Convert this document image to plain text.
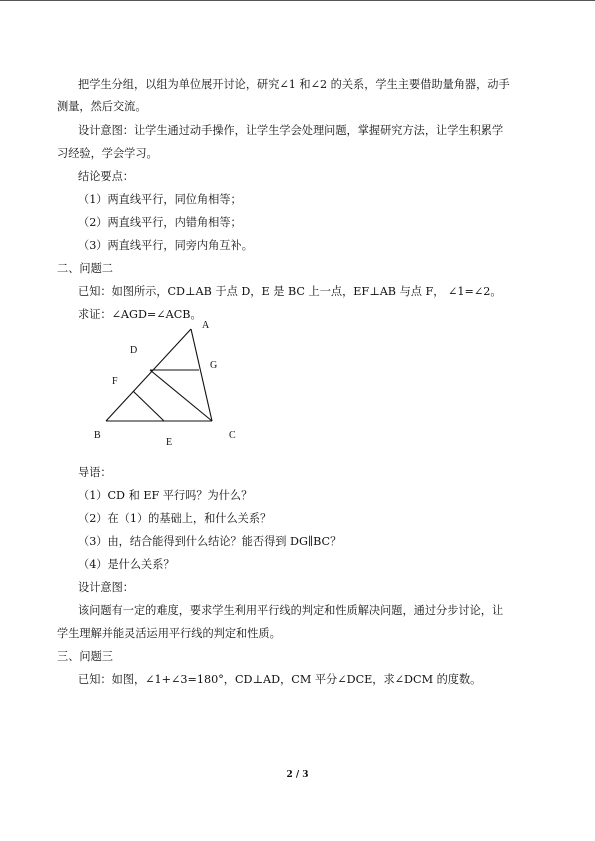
把学生分组，以组为单位展开讨论，研究∠1 和∠2 的关系，学生主要借助量角器，动手
测量，然后交流。
设计意图：让学生通过动手操作，让学生学会处理问题，掌握研究方法，让学生积累学
习经验，学会学习。
结论要点：
（1）两直线平行，同位角相等；
（2）两直线平行，内错角相等；
（3）两直线平行，同旁内角互补。
二、问题二
已知：如图所示，CD⊥AB 于点 D，E 是 BC 上一点，EF⊥AB 与点 F， ∠1=∠2。
求证：∠AGD=∠ACB。
导语：
（1）CD 和 EF 平行吗？为什么？
（2）在（1）的基础上，和什么关系？
（3）由，结合能得到什么结论？能否得到 DG∥BC？
（4）是什么关系？
设计意图：
该问题有一定的难度，要求学生利用平行线的判定和性质解决问题，通过分步讨论，让
学生理解并能灵活运用平行线的判定和性质。
三、问题三
已知：如图，∠1+∠3=180°，CD⊥AD，CM 平分∠DCE，求∠DCM 的度数。
A
D
G
F
B	C
E
2 / 3
